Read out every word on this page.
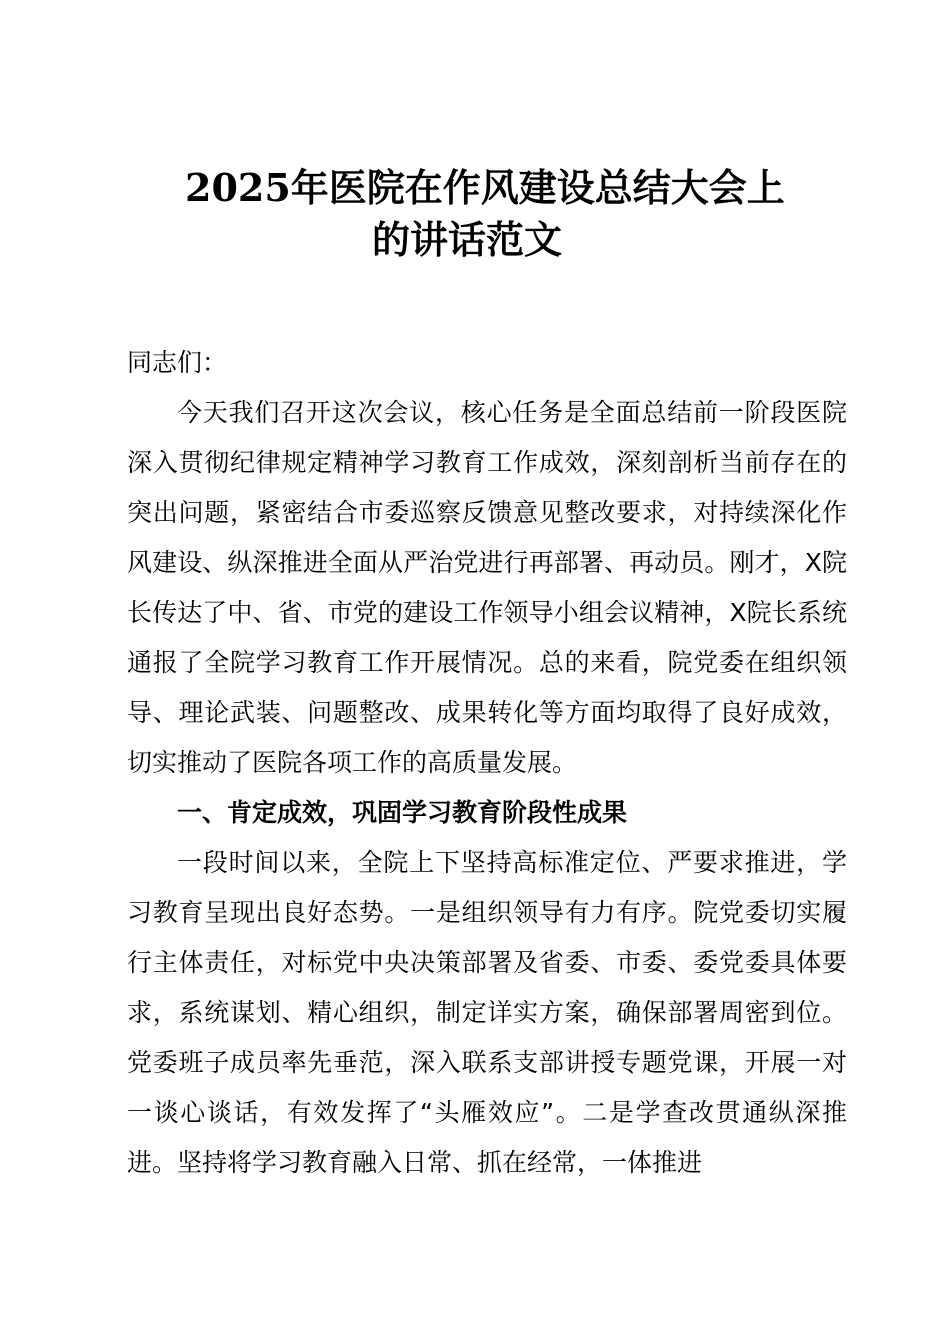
2025年医院在作风建设总结大会上
的讲话范文
同志们：
今天我们召开这次会议，核心任务是全面总结前一阶段医院深入贯彻纪律规定精神学习教育工作成效，深刻剖析当前存在的突出问题，紧密结合市委巡察反馈意见整改要求，对持续深化作风建设、纵深推进全面从严治党进行再部署、再动员。刚才，X院长传达了中、省、市党的建设工作领导小组会议精神，X院长系统通报了全院学习教育工作开展情况。总的来看，院党委在组织领导、理论武装、问题整改、成果转化等方面均取得了良好成效，切实推动了医院各项工作的高质量发展。
一、肯定成效，巩固学习教育阶段性成果
一段时间以来，全院上下坚持高标准定位、严要求推进，学习教育呈现出良好态势。一是组织领导有力有序。院党委切实履行主体责任，对标党中央决策部署及省委、市委、委党委具体要求，系统谋划、精心组织，制定详实方案，确保部署周密到位。党委班子成员率先垂范，深入联系支部讲授专题党课，开展一对一谈心谈话，有效发挥了“头雁效应”。二是学查改贯通纵深推进。坚持将学习教育融入日常、抓在经常，一体推进
